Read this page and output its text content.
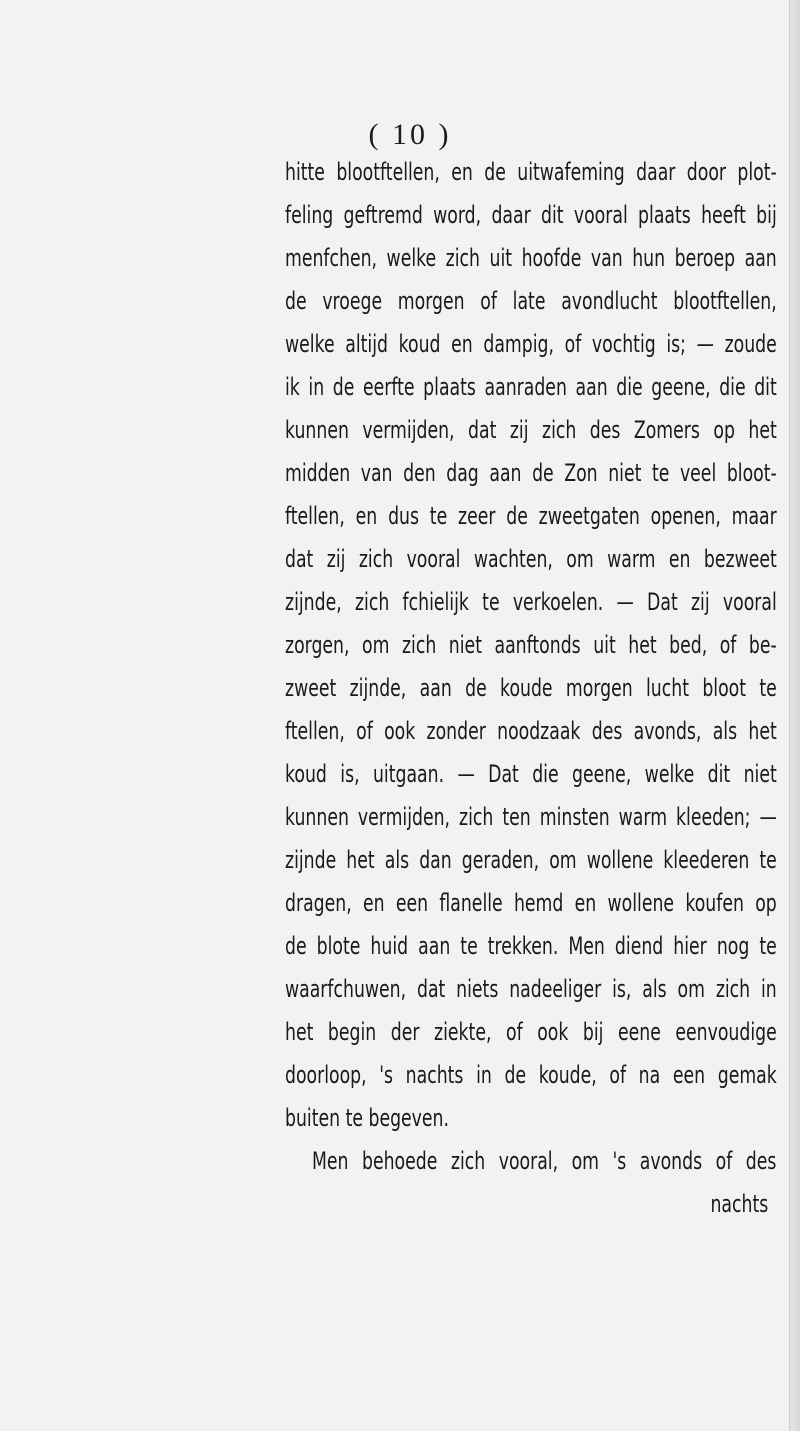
( 10 )
hitte blootftellen, en de uitwafeming daar door plot-
feling geftremd word, daar dit vooral plaats heeft bij
menfchen, welke zich uit hoofde van hun beroep aan
de vroege morgen of late avondlucht blootftellen,
welke altijd koud en dampig, of vochtig is; — zoude
ik in de eerfte plaats aanraden aan die geene, die dit
kunnen vermijden, dat zij zich des Zomers op het
midden van den dag aan de Zon niet te veel bloot-
ftellen, en dus te zeer de zweetgaten openen, maar
dat zij zich vooral wachten, om warm en bezweet
zijnde, zich fchielijk te verkoelen. — Dat zij vooral
zorgen, om zich niet aanftonds uit het bed, of be-
zweet zijnde, aan de koude morgen lucht bloot te
ftellen, of ook zonder noodzaak des avonds, als het
koud is, uitgaan. — Dat die geene, welke dit niet
kunnen vermijden, zich ten minsten warm kleeden; —
zijnde het als dan geraden, om wollene kleederen te
dragen, en een flanelle hemd en wollene koufen op
de blote huid aan te trekken. Men diend hier nog te
waarfchuwen, dat niets nadeeliger is, als om zich in
het begin der ziekte, of ook bij eene eenvoudige
doorloop, 's nachts in de koude, of na een gemak
buiten te begeven.
Men behoede zich vooral, om 's avonds of des
nachts
